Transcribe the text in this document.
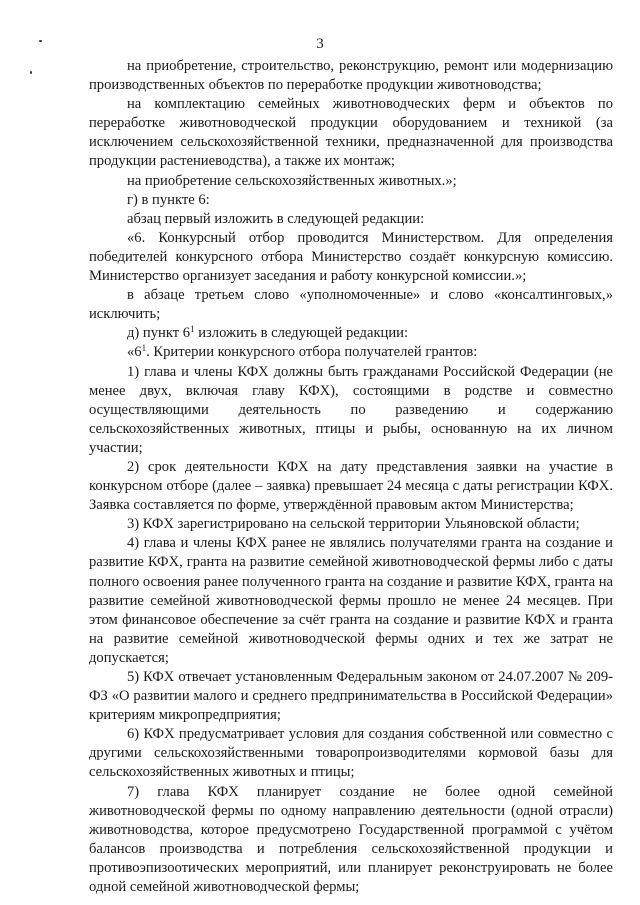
3

на приобретение, строительство, реконструкцию, ремонт или модернизацию производственных объектов по переработке продукции животноводства;

на комплектацию семейных животноводческих ферм и объектов по переработке животноводческой продукции оборудованием и техникой (за исключением сельскохозяйственной техники, предназначенной для производства продукции растениеводства), а также их монтаж;

на приобретение сельскохозяйственных животных.»;

г) в пункте 6:

абзац первый изложить в следующей редакции:

«6. Конкурсный отбор проводится Министерством. Для определения победителей конкурсного отбора Министерство создаёт конкурсную комиссию. Министерство организует заседания и работу конкурсной комиссии.»;

в абзаце третьем слово «уполномоченные» и слово «консалтинговых,» исключить;

д) пункт $6^1$ изложить в следующей редакции:

«$6^1$. Критерии конкурсного отбора получателей грантов:

1) глава и члены КФХ должны быть гражданами Российской Федерации (не менее двух, включая главу КФХ), состоящими в родстве и совместно осуществляющими деятельность по разведению и содержанию сельскохозяйственных животных, птицы и рыбы, основанную на их личном участии;

2) срок деятельности КФХ на дату представления заявки на участие в конкурсном отборе (далее – заявка) превышает 24 месяца с даты регистрации КФХ. Заявка составляется по форме, утверждённой правовым актом Министерства;

3) КФХ зарегистрировано на сельской территории Ульяновской области;

4) глава и члены КФХ ранее не являлись получателями гранта на создание и развитие КФХ, гранта на развитие семейной животноводческой фермы либо с даты полного освоения ранее полученного гранта на создание и развитие КФХ, гранта на развитие семейной животноводческой фермы прошло не менее 24 месяцев. При этом финансовое обеспечение за счёт гранта на создание и развитие КФХ и гранта на развитие семейной животноводческой фермы одних и тех же затрат не допускается;

5) КФХ отвечает установленным Федеральным законом от 24.07.2007 № 209-ФЗ «О развитии малого и среднего предпринимательства в Российской Федерации» критериям микропредприятия;

6) КФХ предусматривает условия для создания собственной или совместно с другими сельскохозяйственными товаропроизводителями кормовой базы для сельскохозяйственных животных и птицы;

7) глава КФХ планирует создание не более одной семейной животноводческой фермы по одному направлению деятельности (одной отрасли) животноводства, которое предусмотрено Государственной программой с учётом балансов производства и потребления сельскохозяйственной продукции и противоэпизоотических мероприятий, или планирует реконструировать не более одной семейной животноводческой фермы;
